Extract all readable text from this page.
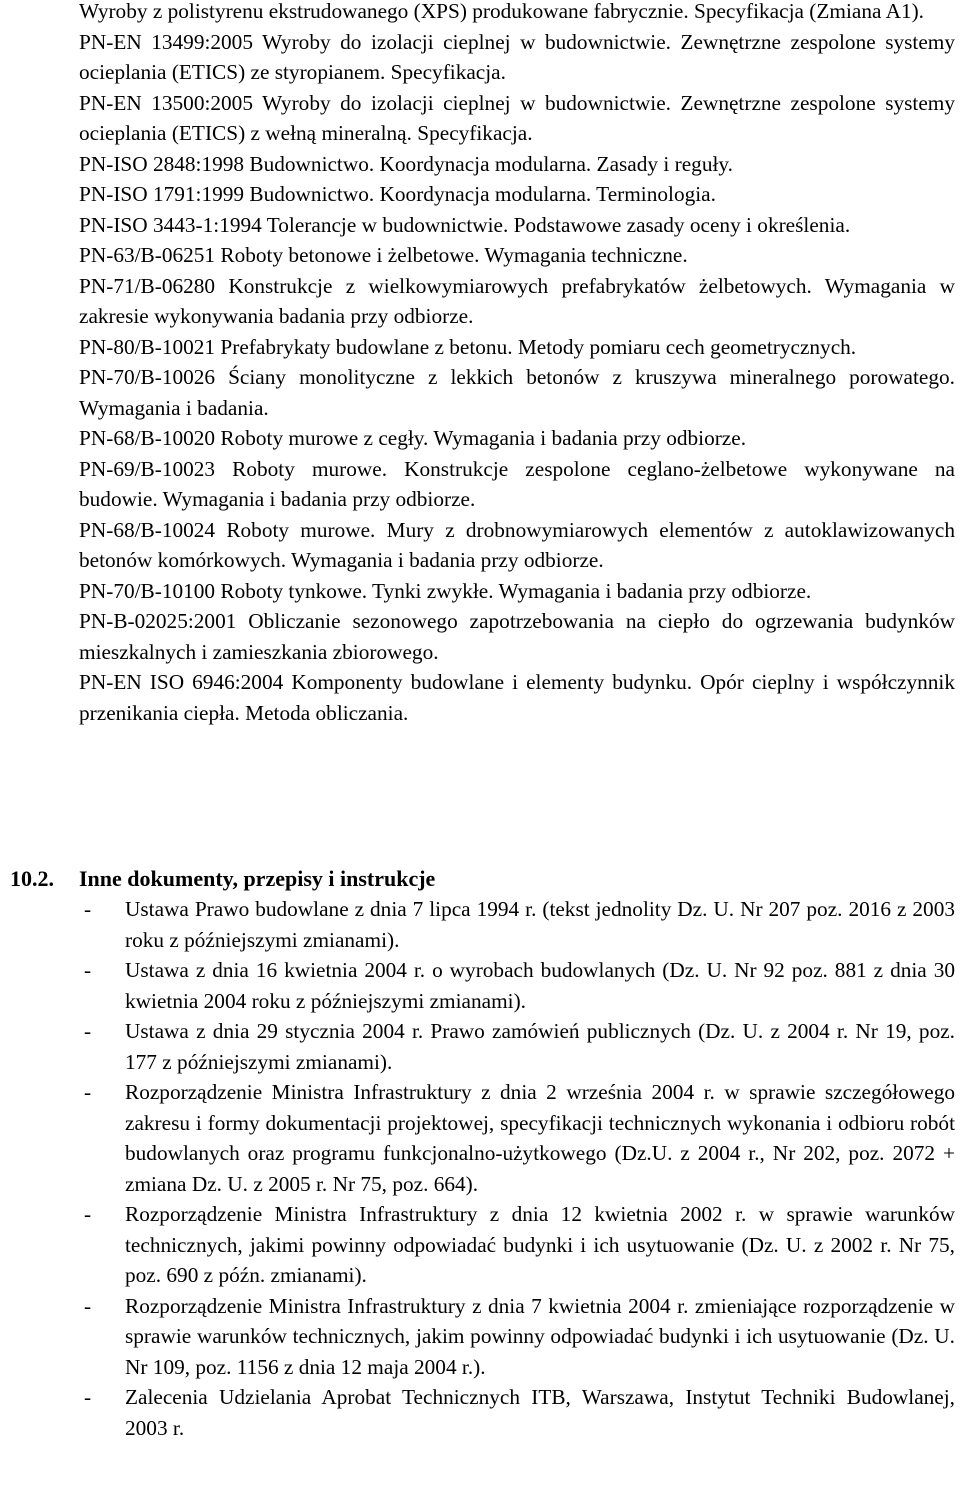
Wyroby z polistyrenu ekstrudowanego (XPS) produkowane fabrycznie. Specyfikacja (Zmiana A1).
PN-EN 13499:2005 Wyroby do izolacji cieplnej w budownictwie. Zewnętrzne zespolone systemy ocieplania (ETICS) ze styropianem. Specyfikacja.
PN-EN 13500:2005 Wyroby do izolacji cieplnej w budownictwie. Zewnętrzne zespolone systemy ocieplania (ETICS) z wełną mineralną. Specyfikacja.
PN-ISO 2848:1998 Budownictwo. Koordynacja modularna. Zasady i reguły.
PN-ISO 1791:1999 Budownictwo. Koordynacja modularna. Terminologia.
PN-ISO 3443-1:1994 Tolerancje w budownictwie. Podstawowe zasady oceny i określenia.
PN-63/B-06251 Roboty betonowe i żelbetowe. Wymagania techniczne.
PN-71/B-06280 Konstrukcje z wielkowymiarowych prefabrykatów żelbetowych. Wymagania w zakresie wykonywania badania przy odbiorze.
PN-80/B-10021 Prefabrykaty budowlane z betonu. Metody pomiaru cech geometrycznych.
PN-70/B-10026 Ściany monolityczne z lekkich betonów z kruszywa mineralnego porowatego. Wymagania i badania.
PN-68/B-10020 Roboty murowe z cegły. Wymagania i badania przy odbiorze.
PN-69/B-10023 Roboty murowe. Konstrukcje zespolone ceglano-żelbetowe wykonywane na budowie. Wymagania i badania przy odbiorze.
PN-68/B-10024 Roboty murowe. Mury z drobnowymiarowych elementów z autoklawizowanych betonów komórkowych. Wymagania i badania przy odbiorze.
PN-70/B-10100 Roboty tynkowe. Tynki zwykłe. Wymagania i badania przy odbiorze.
PN-B-02025:2001 Obliczanie sezonowego zapotrzebowania na ciepło do ogrzewania budynków mieszkalnych i zamieszkania zbiorowego.
PN-EN ISO 6946:2004 Komponenty budowlane i elementy budynku. Opór cieplny i współczynnik przenikania ciepła. Metoda obliczania.
10.2. Inne dokumenty, przepisy i instrukcje
- Ustawa Prawo budowlane z dnia 7 lipca 1994 r. (tekst jednolity Dz. U. Nr 207 poz. 2016 z 2003 roku z późniejszymi zmianami).
- Ustawa z dnia 16 kwietnia 2004 r. o wyrobach budowlanych (Dz. U. Nr 92 poz. 881 z dnia 30 kwietnia 2004 roku z późniejszymi zmianami).
- Ustawa z dnia 29 stycznia 2004 r. Prawo zamówień publicznych (Dz. U. z 2004 r. Nr 19, poz. 177 z późniejszymi zmianami).
- Rozporządzenie Ministra Infrastruktury z dnia 2 września 2004 r. w sprawie szczegółowego zakresu i formy dokumentacji projektowej, specyfikacji technicznych wykonania i odbioru robót budowlanych oraz programu funkcjonalno-użytkowego (Dz.U. z 2004 r., Nr 202, poz. 2072 + zmiana Dz. U. z 2005 r. Nr 75, poz. 664).
- Rozporządzenie Ministra Infrastruktury z dnia 12 kwietnia 2002 r. w sprawie warunków technicznych, jakimi powinny odpowiadać budynki i ich usytuowanie (Dz. U. z 2002 r. Nr 75, poz. 690 z późn. zmianami).
- Rozporządzenie Ministra Infrastruktury z dnia 7 kwietnia 2004 r. zmieniające rozporządzenie w sprawie warunków technicznych, jakim powinny odpowiadać budynki i ich usytuowanie (Dz. U. Nr 109, poz. 1156 z dnia 12 maja 2004 r.).
- Zalecenia Udzielania Aprobat Technicznych ITB, Warszawa, Instytut Techniki Budowlanej, 2003 r.
